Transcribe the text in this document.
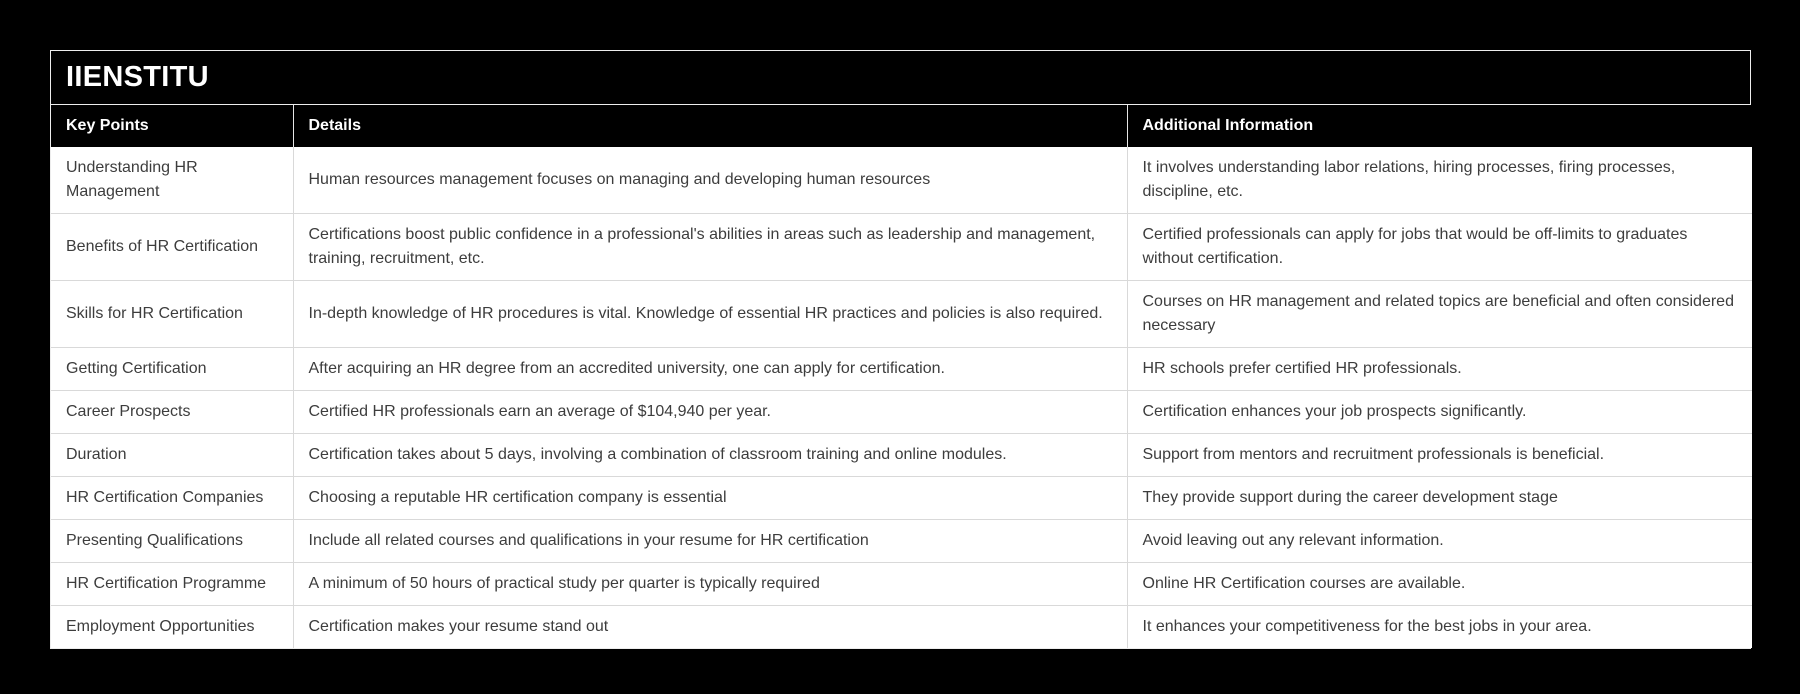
IIENSTITU
Key Points	Details	Additional Information
Understanding HR Management	Human resources management focuses on managing and developing human resources	It involves understanding labor relations, hiring processes, firing processes, discipline, etc.
Benefits of HR Certification	Certifications boost public confidence in a professional's abilities in areas such as leadership and management, training, recruitment, etc.	Certified professionals can apply for jobs that would be off-limits to graduates without certification.
Skills for HR Certification	In-depth knowledge of HR procedures is vital. Knowledge of essential HR practices and policies is also required.	Courses on HR management and related topics are beneficial and often considered necessary
Getting Certification	After acquiring an HR degree from an accredited university, one can apply for certification.	HR schools prefer certified HR professionals.
Career Prospects	Certified HR professionals earn an average of $104,940 per year.	Certification enhances your job prospects significantly.
Duration	Certification takes about 5 days, involving a combination of classroom training and online modules.	Support from mentors and recruitment professionals is beneficial.
HR Certification Companies	Choosing a reputable HR certification company is essential	They provide support during the career development stage
Presenting Qualifications	Include all related courses and qualifications in your resume for HR certification	Avoid leaving out any relevant information.
HR Certification Programme	A minimum of 50 hours of practical study per quarter is typically required	Online HR Certification courses are available.
Employment Opportunities	Certification makes your resume stand out	It enhances your competitiveness for the best jobs in your area.
